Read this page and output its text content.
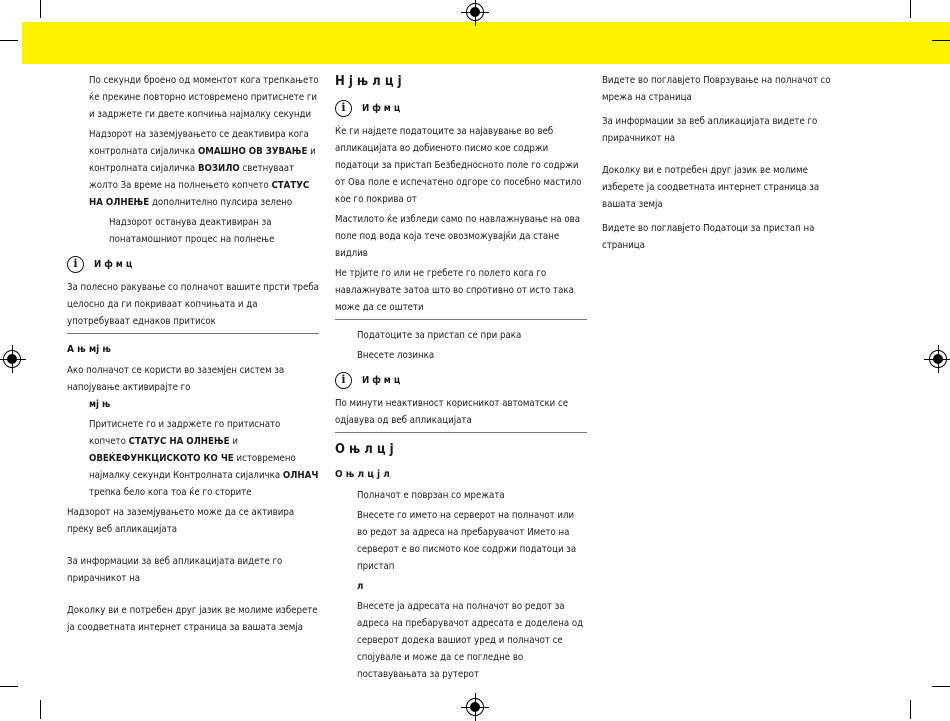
По секунди броено од моментот кога трепкањето ќе прекине повторно истовремено притиснете ги и задржете ги двете копчиња најмалку секунди

Надзорот на заземјувањето се деактивира кога контролната сијаличка ОМАШНО ОВ ЗУВАЊЕ и контролната сијаличка ВОЗИЛО светнуваат жолто За време на полнењето копчето СТАТУС НА ОЛНЕЊЕ дополнително пулсира зелено

Надзорот останува деактивиран за понатамошниот процес на полнење

i	И ф м ц

За полесно ракување со полначот вашите прсти треба целосно да ги покриваат копчињата и да употребуваат еднаков притисок

А њ мј њ

Ако полначот се користи во заземјен систем за напојување активирајте го
мј њ

Притиснете го и задржете го притиснато копчето СТАТУС НА ОЛНЕЊЕ и ОВЕЌЕФУНКЦИСКОТО КО ЧЕ истовремено најмалку секунди Контролната сијаличка ОЛНАЧ трепка бело кога тоа ќе го сторите

Надзорот на заземјувањето може да се активира преку веб апликацијата

За информации за веб апликацијата видете го прирачникот на

Доколку ви е потребен друг јазик ве молиме изберете ја соодветната интернет страница за вашата земја

Н ј њ л ц ј
i	И ф м ц

Ќе ги најдете податоците за најавување во веб апликацијата во добиеното писмо кое содржи податоци за пристап Безбедносното поле го содржи от Ова поле е испечатено одгоре со посебно мастило кое го покрива от

Мастилото ќе избледи само по навлажнување на ова поле под вода која тече овозможувајќи да стане видлив

Не трјите го или не гребете го полето кога го навлажнувате затоа што во спротивно от исто така може да се оштети

Податоците за пристап се при рака

Внесете лозинка

i	И ф м ц

По минути неактивност корисникот автоматски се одјавува од веб апликацијата

О њ л ц ј
О њ л ц ј л

Полначот е поврзан со мрежата

Внесете го името на серверот на полначот или во редот за адреса на пребарувачот Името на серверот е во писмото кое содржи податоци за пристап

л

Внесете ја адресата на полначот во редот за адреса на пребарувачот адресата е доделена од серверот додека вашиот уред и полначот се спојувале и може да се погледне во поставувањата за рутерот

Видете во поглавјето Поврзување на полначот со мрежа на страница

За информации за веб апликацијата видете го прирачникот на

Доколку ви е потребен друг јазик ве молиме изберете ја соодветната интернет страница за вашата земја

Видете во поглавјето Податоци за пристап на страница
